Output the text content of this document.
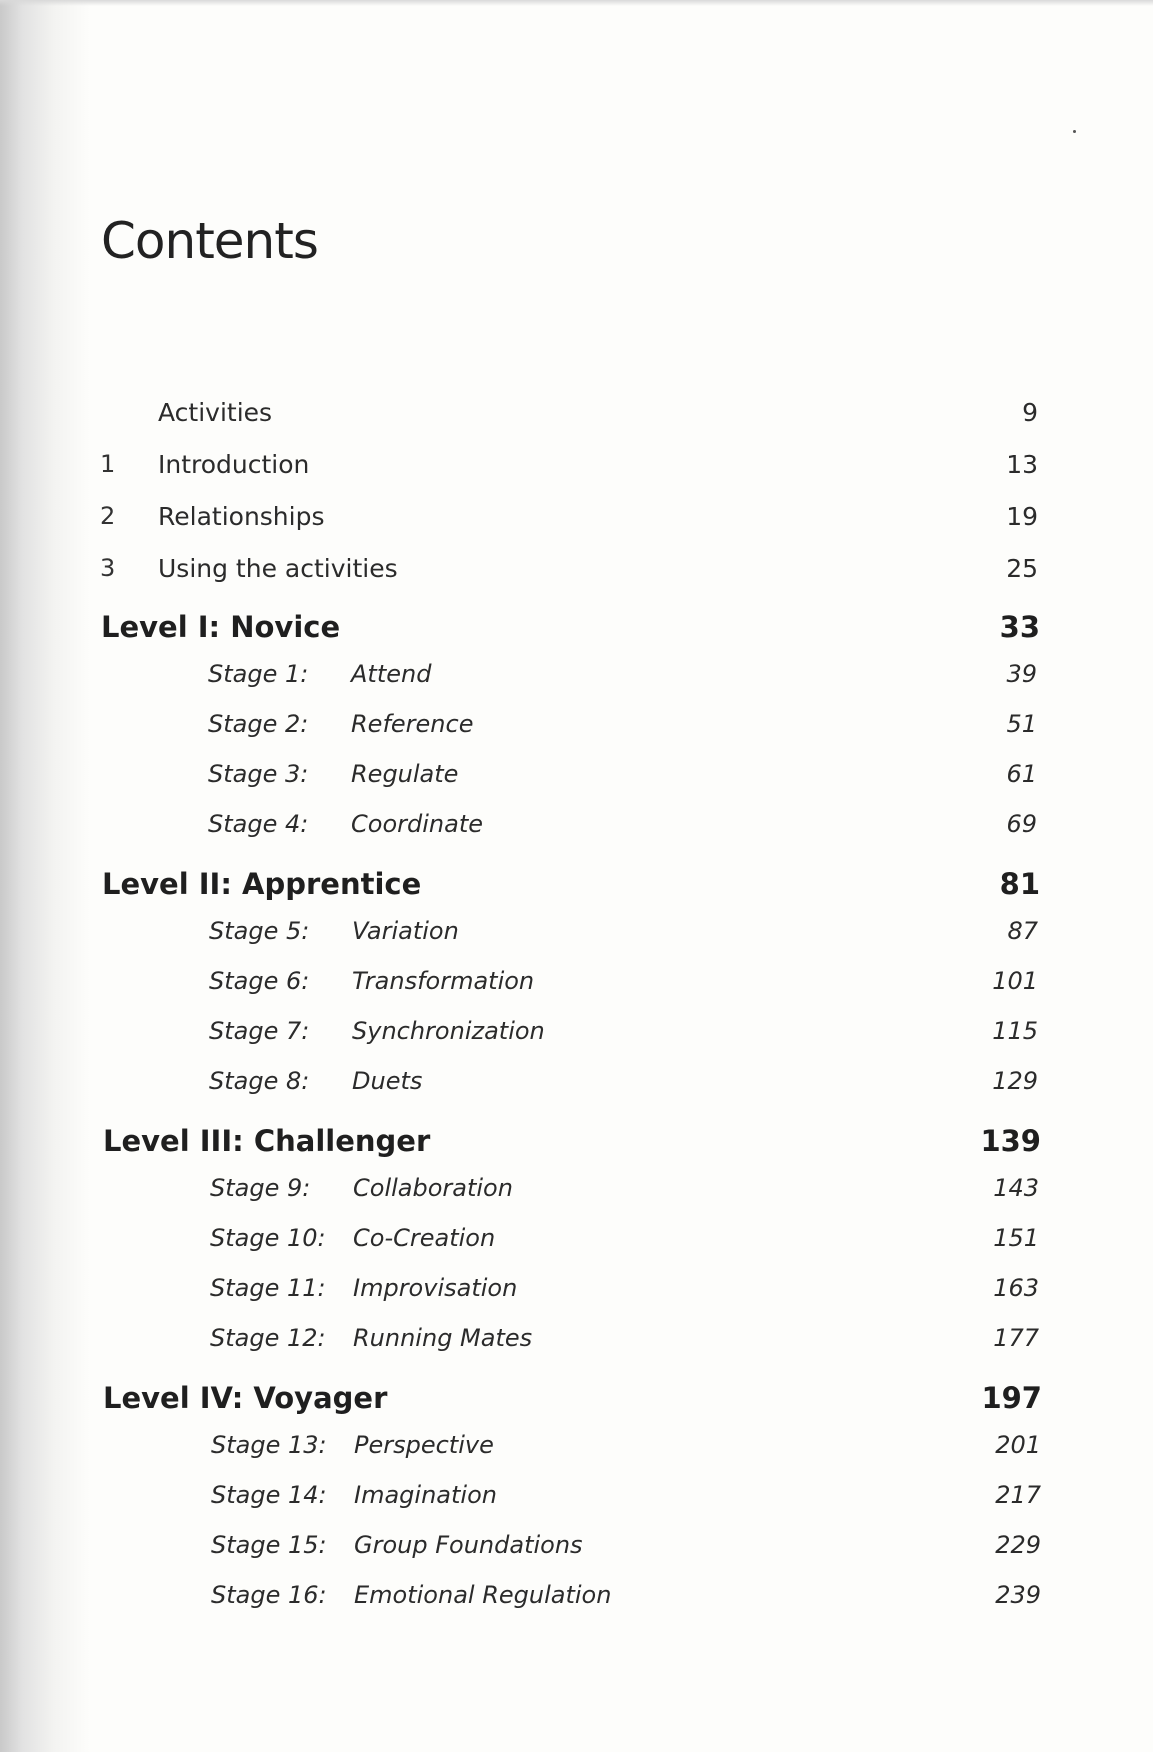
Contents
Activities	9
1 Introduction	13
2 Relationships	19
3 Using the activities	25
Level I: Novice	33
Stage 1: Attend	39
Stage 2: Reference	51
Stage 3: Regulate	61
Stage 4: Coordinate	69
Level II: Apprentice	81
Stage 5: Variation	87
Stage 6: Transformation	101
Stage 7: Synchronization	115
Stage 8: Duets	129
Level III: Challenger	139
Stage 9: Collaboration	143
Stage 10: Co-Creation	151
Stage 11: Improvisation	163
Stage 12: Running Mates	177
Level IV: Voyager	197
Stage 13: Perspective	201
Stage 14: Imagination	217
Stage 15: Group Foundations	229
Stage 16: Emotional Regulation	239
